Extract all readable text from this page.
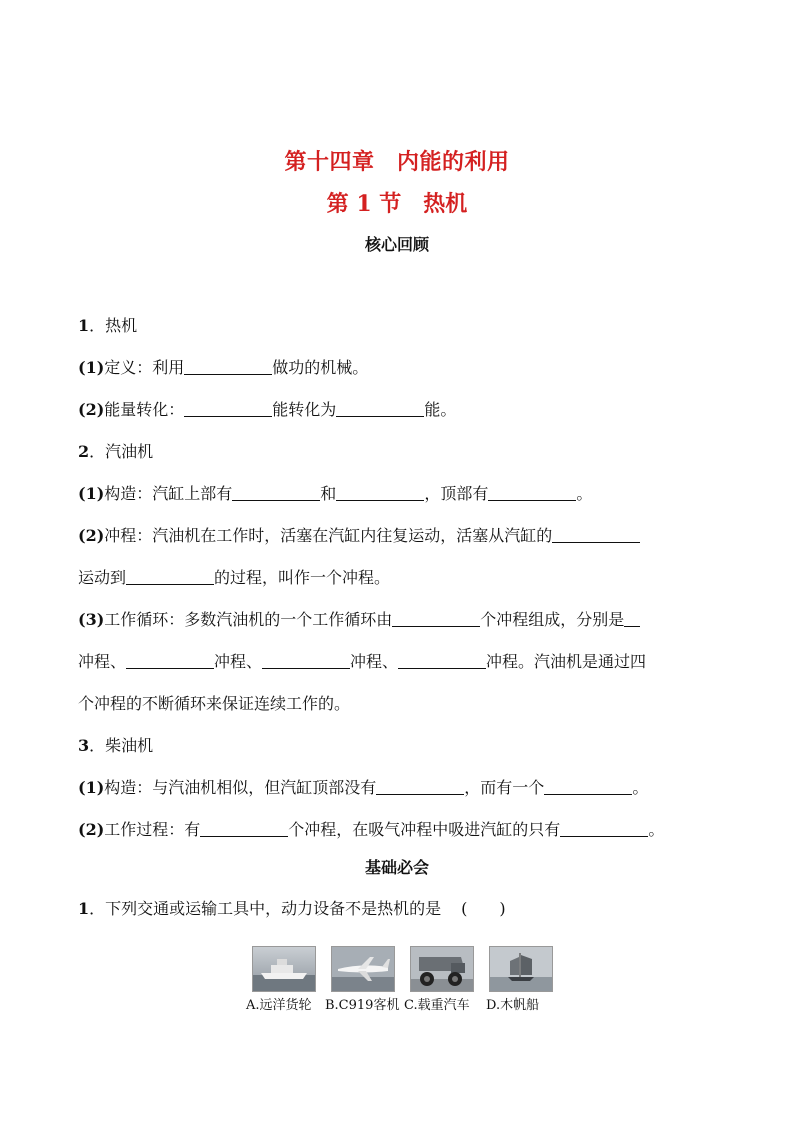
第十四章　内能的利用
第 1 节　热机
核心回顾
1．热机
(1)定义：利用	做功的机械。
(2)能量转化：	能转化为	能。
2．汽油机
(1)构造：汽缸上部有	和	，顶部有	。
(2)冲程：汽油机在工作时，活塞在汽缸内往复运动，活塞从汽缸的
运动到	的过程，叫作一个冲程。
(3)工作循环：多数汽油机的一个工作循环由	个冲程组成，分别是
冲程、	冲程、	冲程、	冲程。汽油机是通过四
个冲程的不断循环来保证连续工作的。
3．柴油机
(1)构造：与汽油机相似，但汽缸顶部没有	，而有一个	。
(2)工作过程：有	个冲程，在吸气冲程中吸进汽缸的只有	。
基础必会
1．下列交通或运输工具中，动力设备不是热机的是 (　　)
A.远洋货轮 B.C919客机 C.载重汽车 D.木帆船
